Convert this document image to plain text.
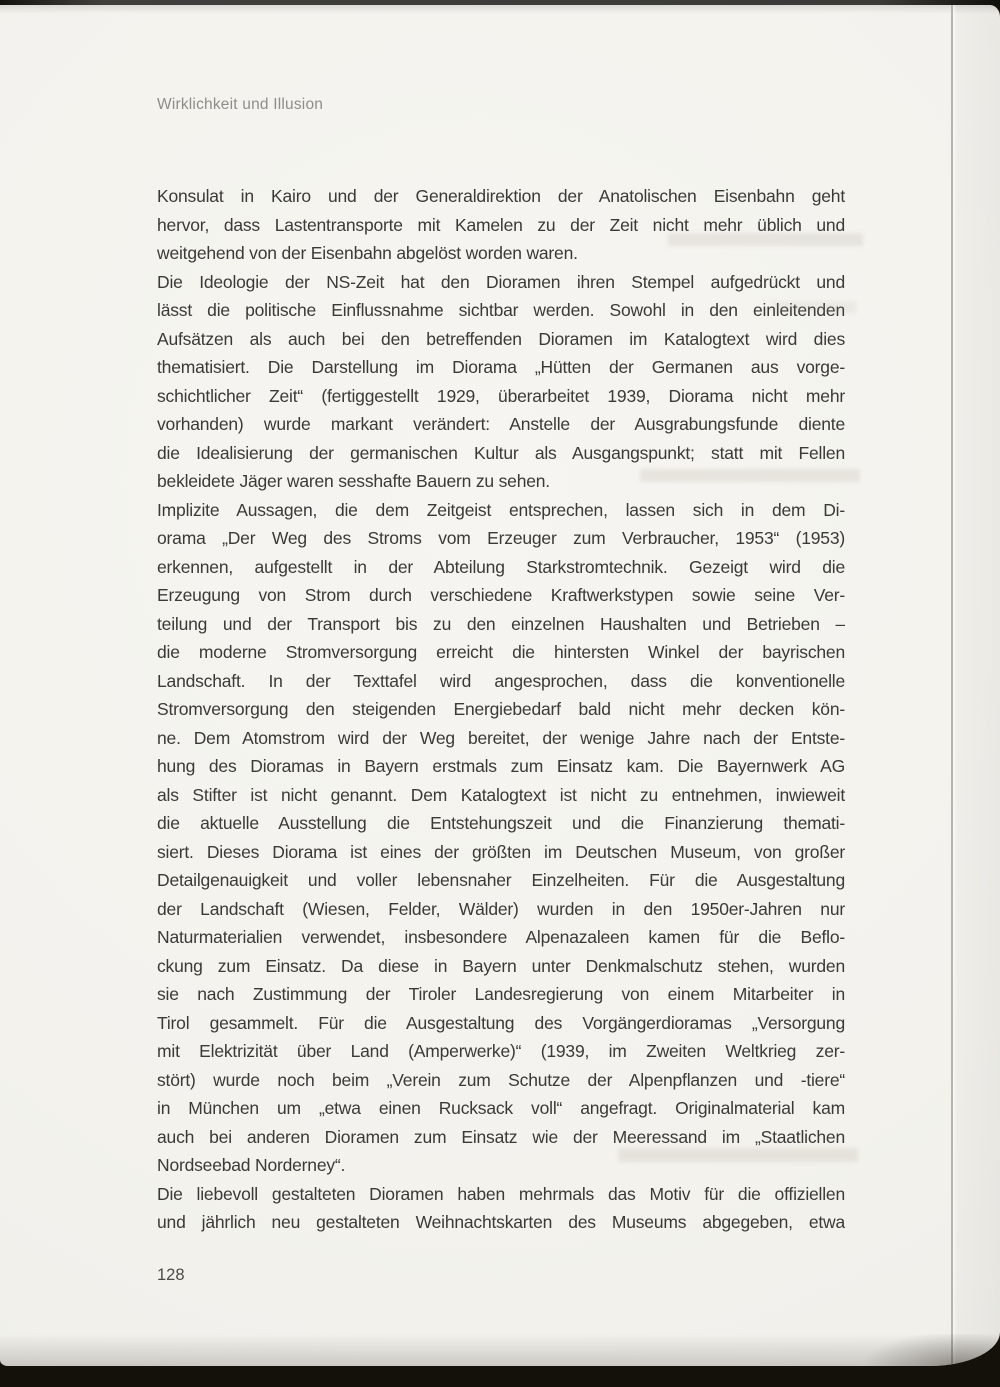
Wirklichkeit und Illusion
Konsulat in Kairo und der Generaldirektion der Anatolischen Eisenbahn geht
hervor, dass Lastentransporte mit Kamelen zu der Zeit nicht mehr üblich und
weitgehend von der Eisenbahn abgelöst worden waren.
Die Ideologie der NS-Zeit hat den Dioramen ihren Stempel aufgedrückt und
lässt die politische Einflussnahme sichtbar werden. Sowohl in den einleitenden
Aufsätzen als auch bei den betreffenden Dioramen im Katalogtext wird dies
thematisiert. Die Darstellung im Diorama „Hütten der Germanen aus vorge-
schichtlicher Zeit“ (fertiggestellt 1929, überarbeitet 1939, Diorama nicht mehr
vorhanden) wurde markant verändert: Anstelle der Ausgrabungsfunde diente
die Idealisierung der germanischen Kultur als Ausgangspunkt; statt mit Fellen
bekleidete Jäger waren sesshafte Bauern zu sehen.
Implizite Aussagen, die dem Zeitgeist entsprechen, lassen sich in dem Di-
orama „Der Weg des Stroms vom Erzeuger zum Verbraucher, 1953“ (1953)
erkennen, aufgestellt in der Abteilung Starkstromtechnik. Gezeigt wird die
Erzeugung von Strom durch verschiedene Kraftwerkstypen sowie seine Ver-
teilung und der Transport bis zu den einzelnen Haushalten und Betrieben –
die moderne Stromversorgung erreicht die hintersten Winkel der bayrischen
Landschaft. In der Texttafel wird angesprochen, dass die konventionelle
Stromversorgung den steigenden Energiebedarf bald nicht mehr decken kön-
ne. Dem Atomstrom wird der Weg bereitet, der wenige Jahre nach der Entste-
hung des Dioramas in Bayern erstmals zum Einsatz kam. Die Bayernwerk AG
als Stifter ist nicht genannt. Dem Katalogtext ist nicht zu entnehmen, inwieweit
die aktuelle Ausstellung die Entstehungszeit und die Finanzierung themati-
siert. Dieses Diorama ist eines der größten im Deutschen Museum, von großer
Detailgenauigkeit und voller lebensnaher Einzelheiten. Für die Ausgestaltung
der Landschaft (Wiesen, Felder, Wälder) wurden in den 1950er-Jahren nur
Naturmaterialien verwendet, insbesondere Alpenazaleen kamen für die Beflo-
ckung zum Einsatz. Da diese in Bayern unter Denkmalschutz stehen, wurden
sie nach Zustimmung der Tiroler Landesregierung von einem Mitarbeiter in
Tirol gesammelt. Für die Ausgestaltung des Vorgängerdioramas „Versorgung
mit Elektrizität über Land (Amperwerke)“ (1939, im Zweiten Weltkrieg zer-
stört) wurde noch beim „Verein zum Schutze der Alpenpflanzen und -tiere“
in München um „etwa einen Rucksack voll“ angefragt. Originalmaterial kam
auch bei anderen Dioramen zum Einsatz wie der Meeressand im „Staatlichen
Nordseebad Norderney“.
Die liebevoll gestalteten Dioramen haben mehrmals das Motiv für die offiziellen
und jährlich neu gestalteten Weihnachtskarten des Museums abgegeben, etwa
128
